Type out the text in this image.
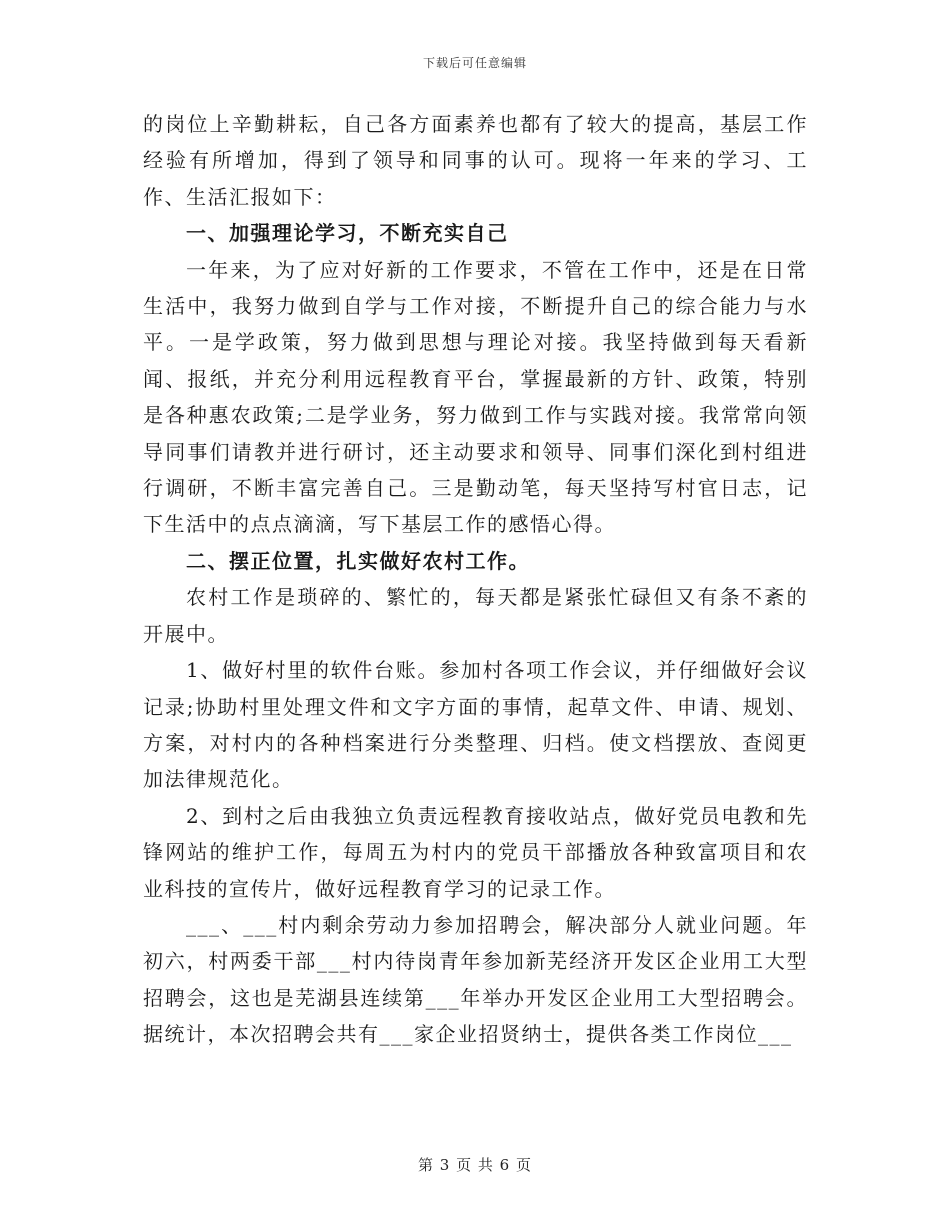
下载后可任意编辑

的岗位上辛勤耕耘，自己各方面素养也都有了较大的提高，基层工作经验有所增加，得到了领导和同事的认可。现将一年来的学习、工作、生活汇报如下：

一、加强理论学习，不断充实自己

一年来，为了应对好新的工作要求，不管在工作中，还是在日常生活中，我努力做到自学与工作对接，不断提升自己的综合能力与水平。一是学政策，努力做到思想与理论对接。我坚持做到每天看新闻、报纸，并充分利用远程教育平台，掌握最新的方针、政策，特别是各种惠农政策;二是学业务，努力做到工作与实践对接。我常常向领导同事们请教并进行研讨，还主动要求和领导、同事们深化到村组进行调研，不断丰富完善自己。三是勤动笔，每天坚持写村官日志，记下生活中的点点滴滴，写下基层工作的感悟心得。

二、摆正位置，扎实做好农村工作。

农村工作是琐碎的、繁忙的，每天都是紧张忙碌但又有条不紊的开展中。

1、做好村里的软件台账。参加村各项工作会议，并仔细做好会议记录;协助村里处理文件和文字方面的事情，起草文件、申请、规划、方案，对村内的各种档案进行分类整理、归档。使文档摆放、查阅更加法律规范化。

2、到村之后由我独立负责远程教育接收站点，做好党员电教和先锋网站的维护工作，每周五为村内的党员干部播放各种致富项目和农业科技的宣传片，做好远程教育学习的记录工作。

___、___村内剩余劳动力参加招聘会，解决部分人就业问题。年初六，村两委干部___村内待岗青年参加新芜经济开发区企业用工大型招聘会，这也是芜湖县连续第___年举办开发区企业用工大型招聘会。据统计，本次招聘会共有___家企业招贤纳士，提供各类工作岗位___

第 3 页 共 6 页
